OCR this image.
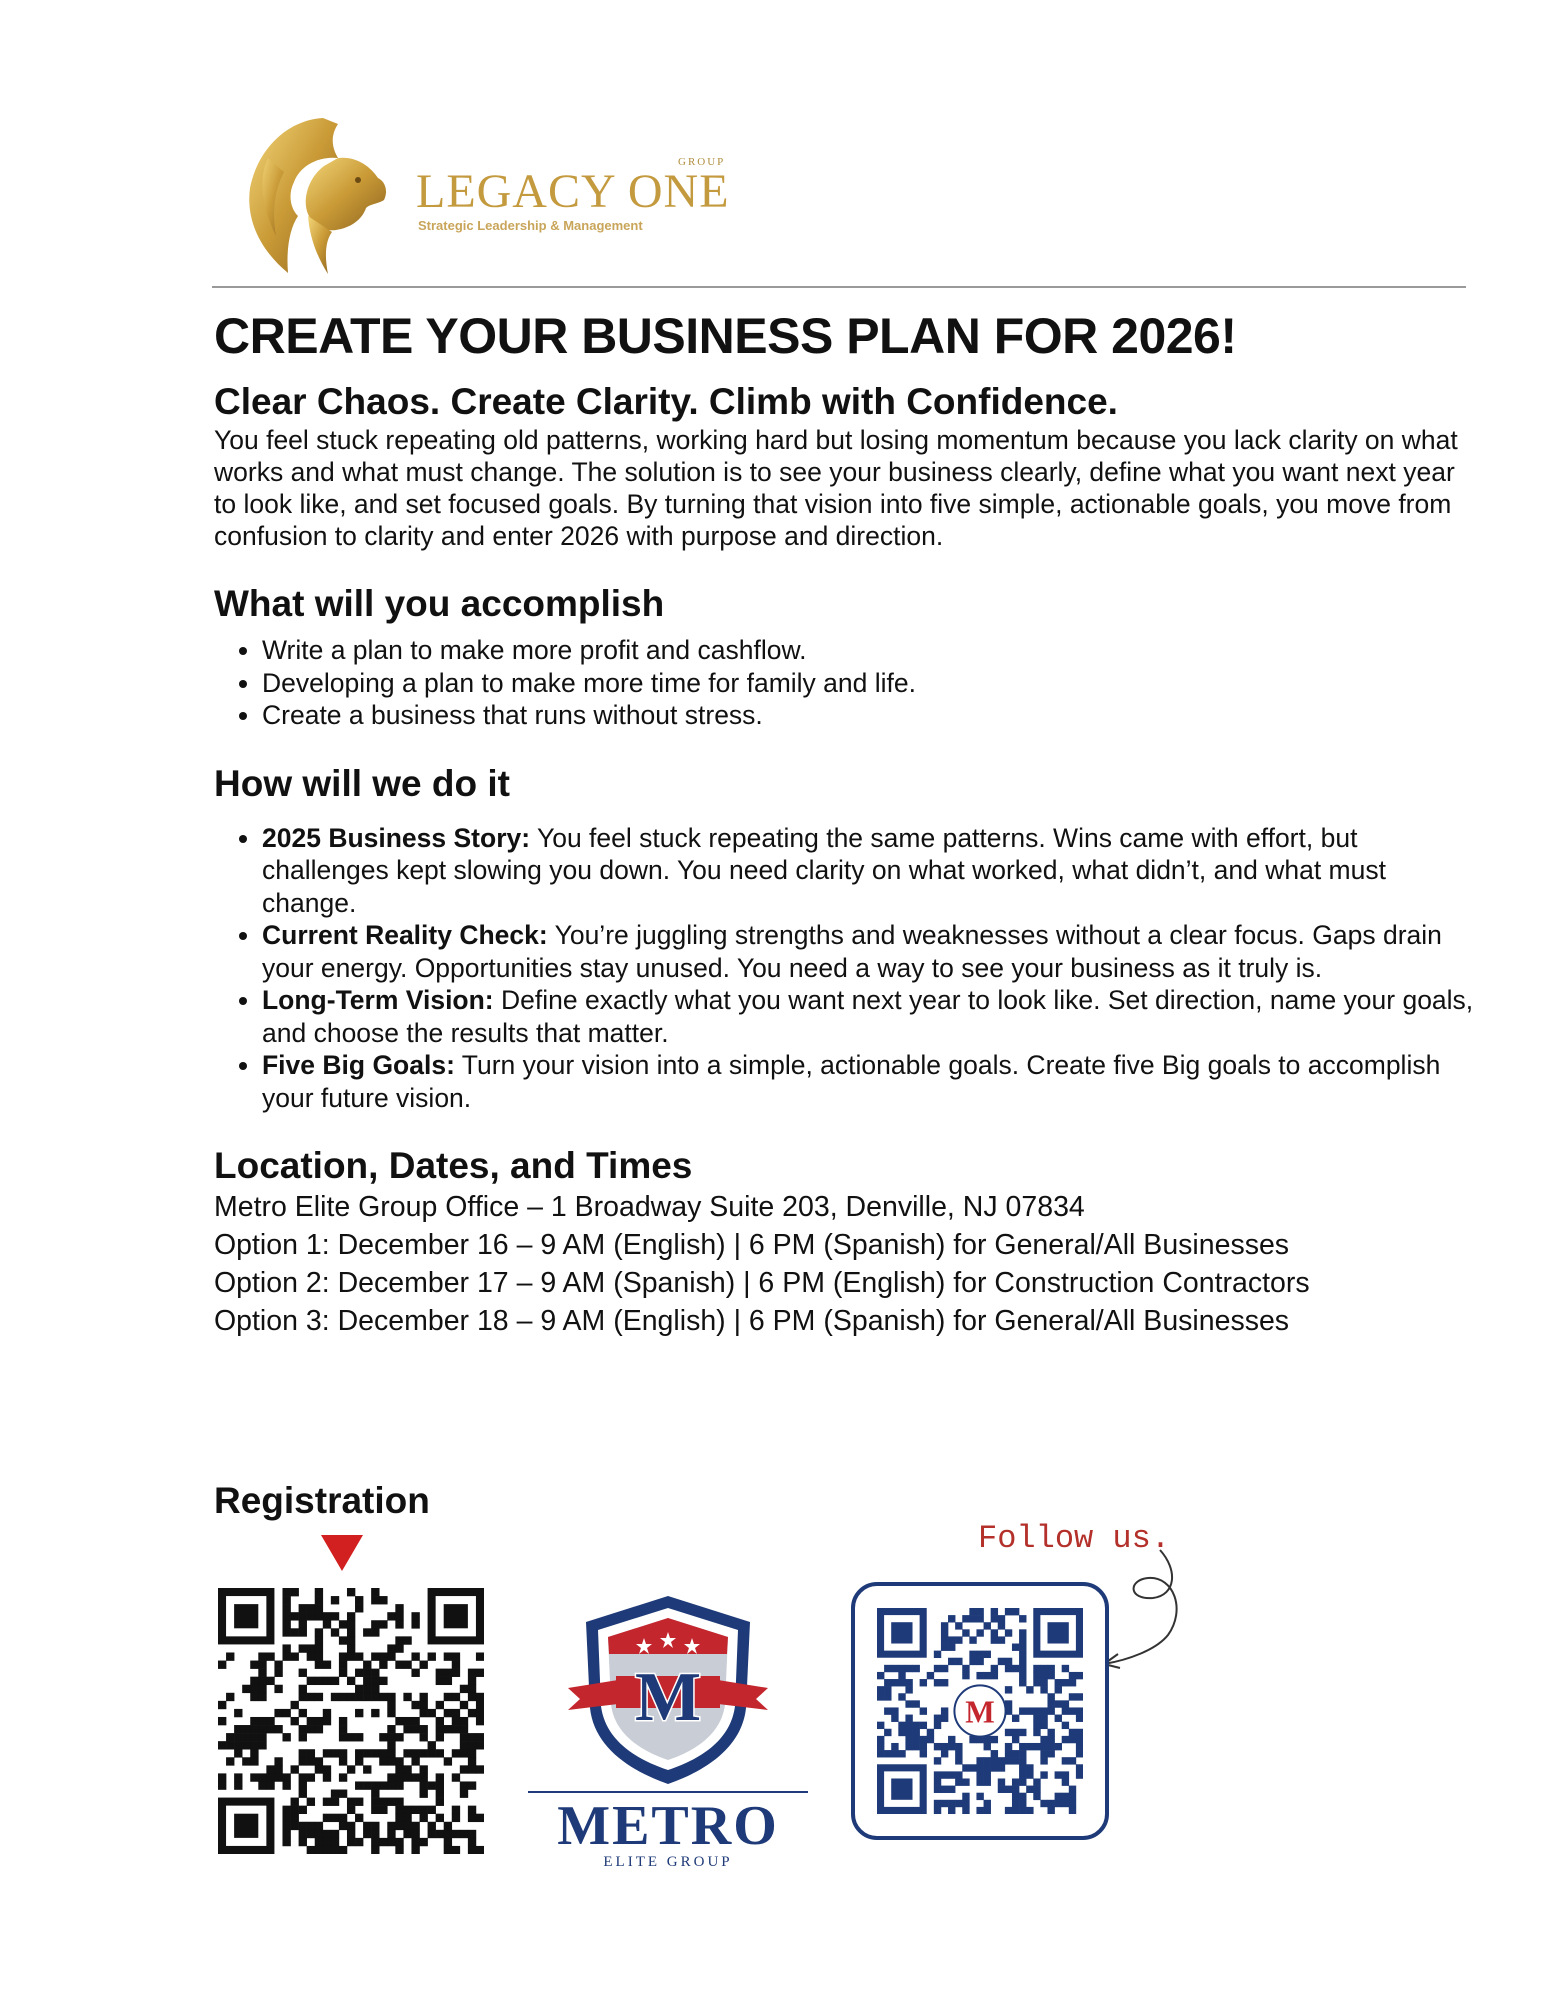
GROUP
LEGACY ONE
Strategic Leadership & Management
CREATE YOUR BUSINESS PLAN FOR 2026!
Clear Chaos. Create Clarity. Climb with Confidence.

You feel stuck repeating old patterns, working hard but losing momentum because you lack clarity on what works and what must change. The solution is to see your business clearly, define what you want next year to look like, and set focused goals. By turning that vision into five simple, actionable goals, you move from confusion to clarity and enter 2026 with purpose and direction.

What will you accomplish
• Write a plan to make more profit and cashflow.
• Developing a plan to make more time for family and life.
• Create a business that runs without stress.
How will we do it
• 2025 Business Story: You feel stuck repeating the same patterns. Wins came with effort, but challenges kept slowing you down. You need clarity on what worked, what didn’t, and what must change.
• Current Reality Check: You’re juggling strengths and weaknesses without a clear focus. Gaps drain your energy. Opportunities stay unused. You need a way to see your business as it truly is.
• Long-Term Vision: Define exactly what you want next year to look like. Set direction, name your goals, and choose the results that matter.
• Five Big Goals: Turn your vision into a simple, actionable goals. Create five Big goals to accomplish your future vision.
Location, Dates, and Times
Metro Elite Group Office – 1 Broadway Suite 203, Denville, NJ 07834
Option 1: December 16 – 9 AM (English) | 6 PM (Spanish) for General/All Businesses
Option 2: December 17 – 9 AM (Spanish) | 6 PM (English) for Construction Contractors
Option 3: December 18 – 9 AM (English) | 6 PM (Spanish) for General/All Businesses
Registration
M
METRO
ELITE GROUP
Follow us.
M
